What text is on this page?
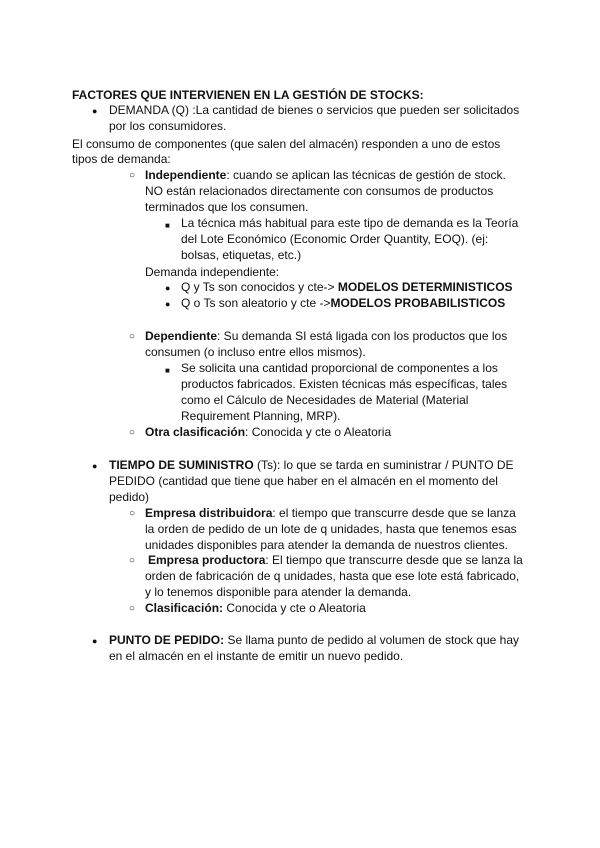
FACTORES QUE INTERVIENEN EN LA GESTIÓN DE STOCKS:
● DEMANDA (Q) :La cantidad de bienes o servicios que pueden ser solicitados
por los consumidores.
El consumo de componentes (que salen del almacén) responden a uno de estos
tipos de demanda:
○ Independiente: cuando se aplican las técnicas de gestión de stock.
NO están relacionados directamente con consumos de productos
terminados que los consumen.
■ La técnica más habitual para este tipo de demanda es la Teoría
del Lote Económico (Economic Order Quantity, EOQ). (ej:
bolsas, etiquetas, etc.)
Demanda independiente:
● Q y Ts son conocidos y cte-> MODELOS DETERMINISTICOS
● Q o Ts son aleatorio y cte ->MODELOS PROBABILISTICOS
○ Dependiente: Su demanda SI está ligada con los productos que los
consumen (o incluso entre ellos mismos).
■ Se solicita una cantidad proporcional de componentes a los
productos fabricados. Existen técnicas más específicas, tales
como el Cálculo de Necesidades de Material (Material
Requirement Planning, MRP).
○ Otra clasificación: Conocida y cte o Aleatoria
● TIEMPO DE SUMINISTRO (Ts): lo que se tarda en suministrar / PUNTO DE
PEDIDO (cantidad que tiene que haber en el almacén en el momento del
pedido)
○ Empresa distribuidora: el tiempo que transcurre desde que se lanza
la orden de pedido de un lote de q unidades, hasta que tenemos esas
unidades disponibles para atender la demanda de nuestros clientes.
○ Empresa productora: El tiempo que transcurre desde que se lanza la
orden de fabricación de q unidades, hasta que ese lote está fabricado,
y lo tenemos disponible para atender la demanda.
○ Clasificación: Conocida y cte o Aleatoria
● PUNTO DE PEDIDO: Se llama punto de pedido al volumen de stock que hay
en el almacén en el instante de emitir un nuevo pedido.
